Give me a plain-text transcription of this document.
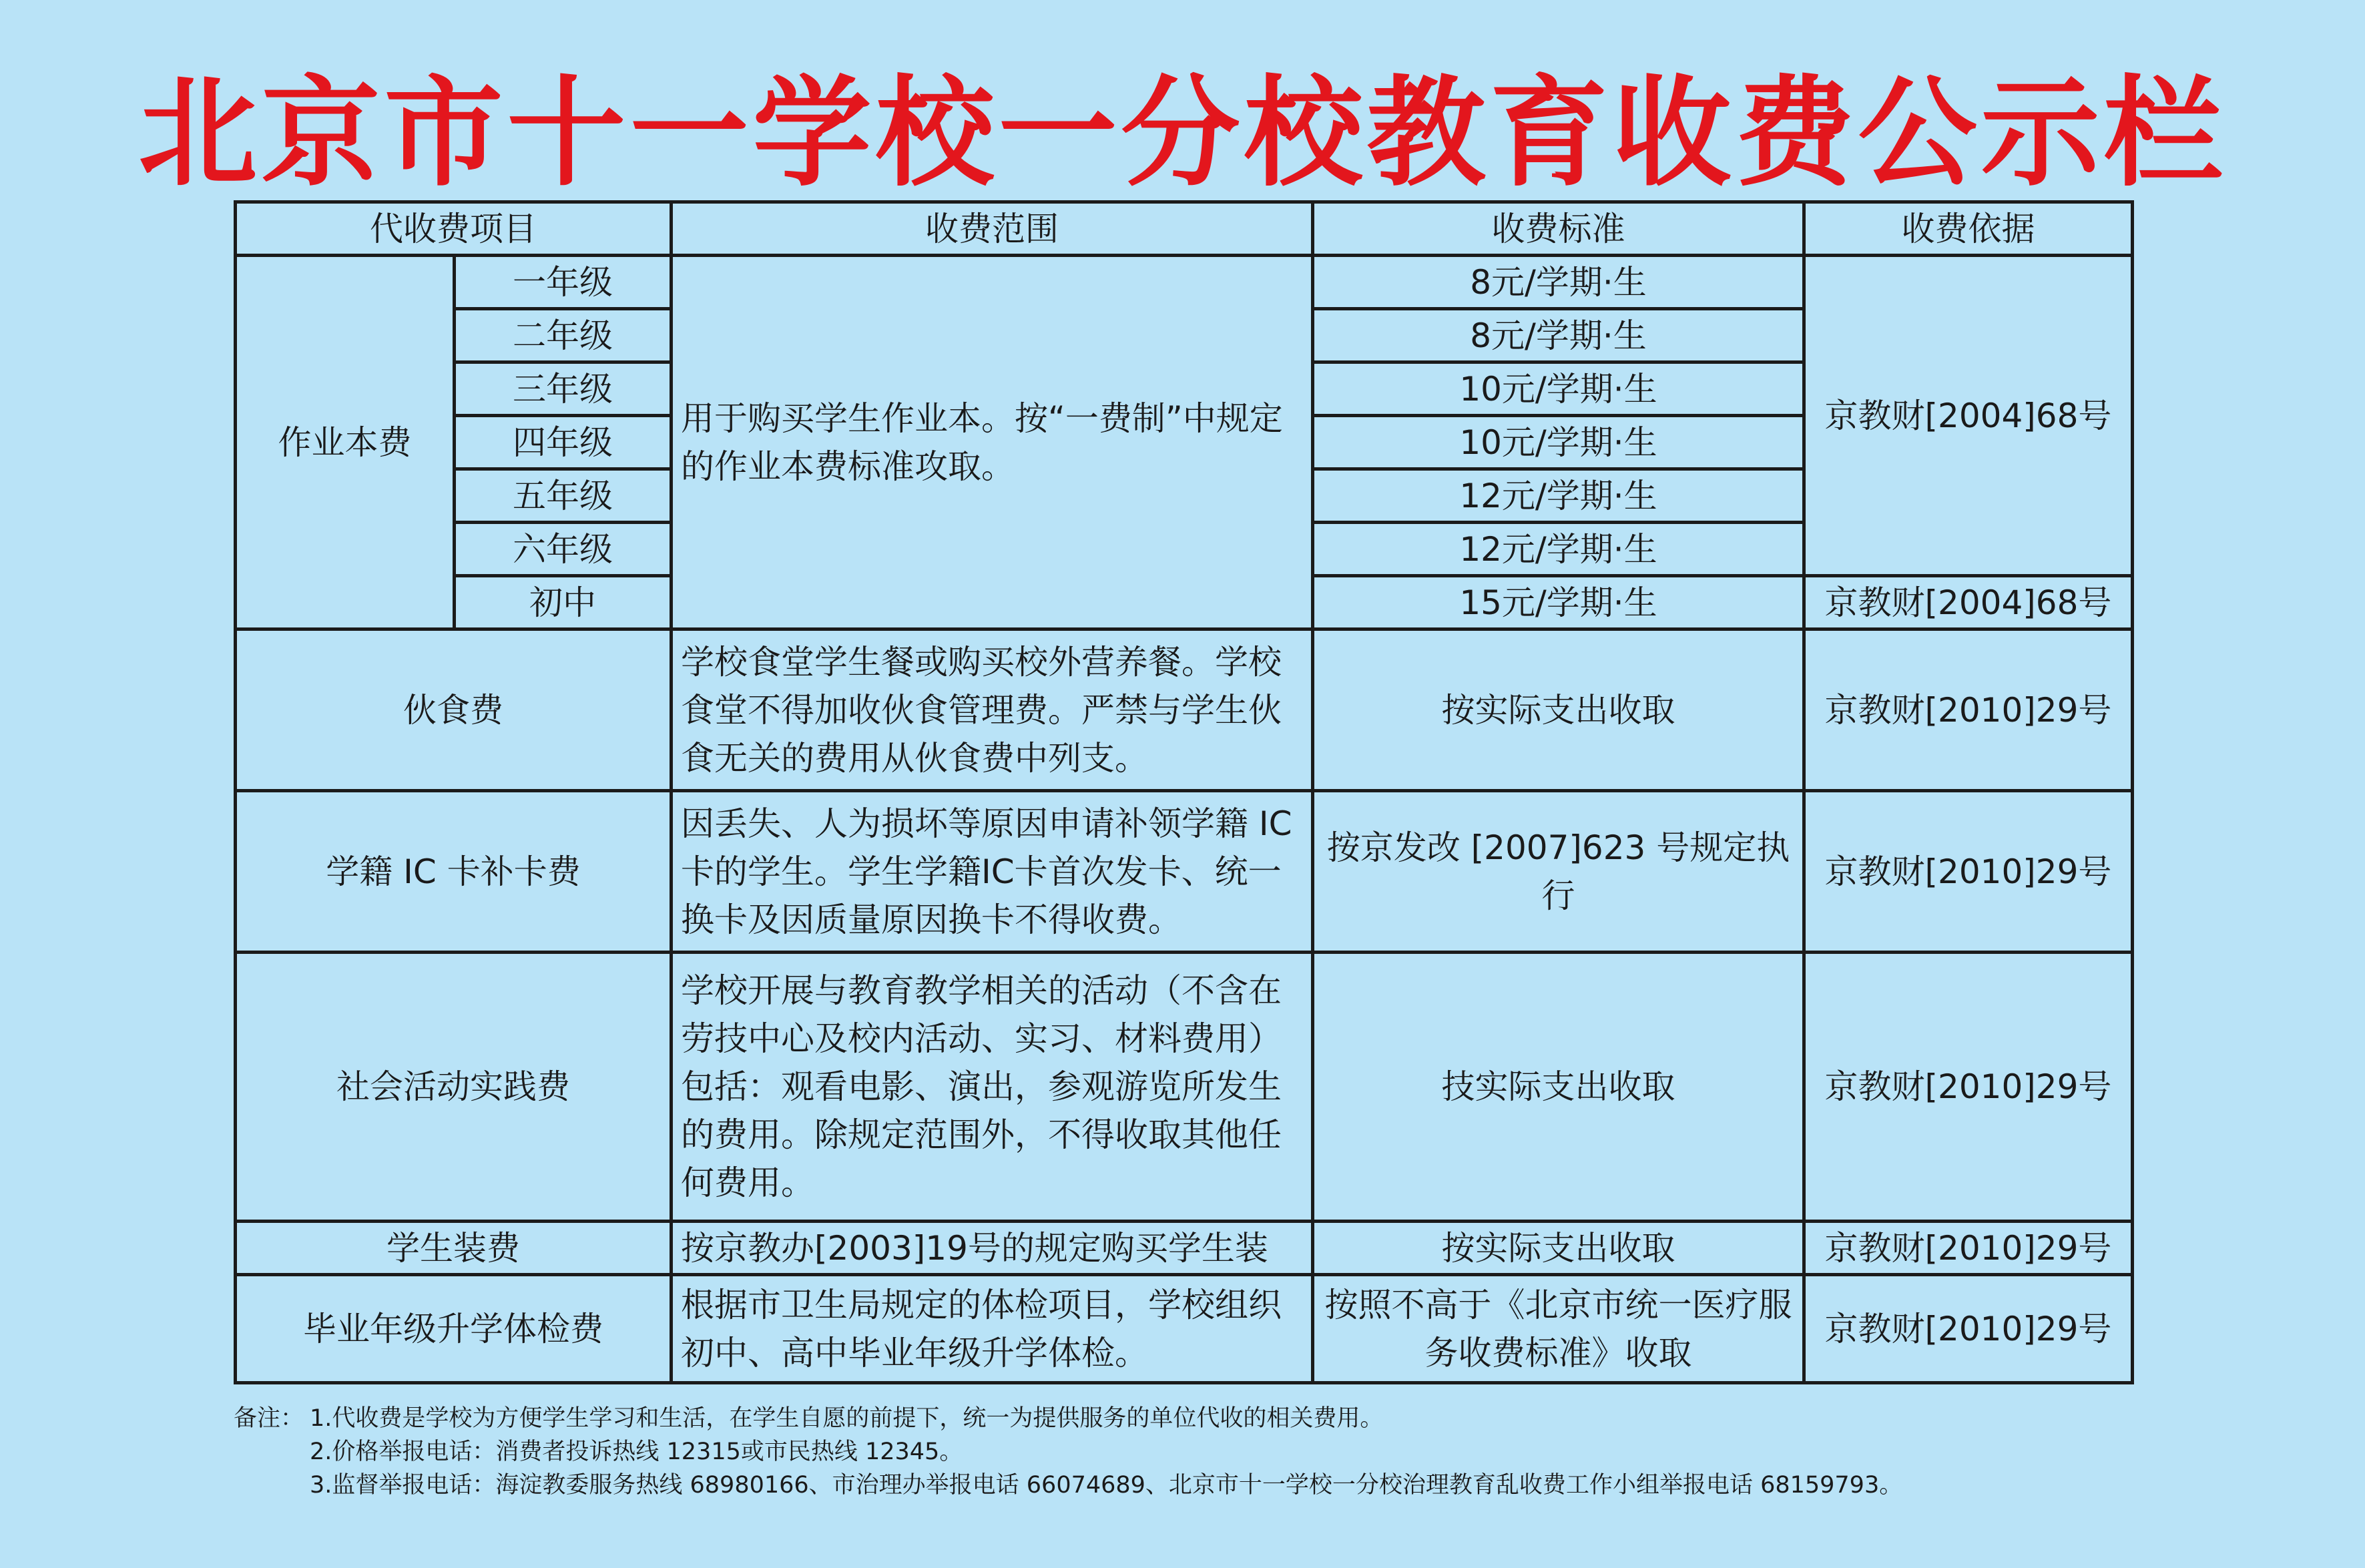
北京市十一学校一分校教育收费公示栏
代收费项目		收费范围	收费标准	收费依据
作业本费	一年级	用于购买学生作业本。按“一费制”中规定的作业本费标准攻取。	8元/学期·生	京教财[2004]68号
	二年级		8元/学期·生	
	三年级		10元/学期·生	
	四年级		10元/学期·生	
	五年级		12元/学期·生	
	六年级		12元/学期·生	
	初中		15元/学期·生	京教财[2004]68号
伙食费		学校食堂学生餐或购买校外营养餐。学校食堂不得加收伙食管理费。严禁与学生伙食无关的费用从伙食费中列支。	按实际支出收取	京教财[2010]29号
学籍 IC 卡补卡费		因丢失、人为损坏等原因申请补领学籍 IC卡的学生。学生学籍IC卡首次发卡、统一换卡及因质量原因换卡不得收费。	按京发改 [2007]623 号规定执行	京教财[2010]29号
社会活动实践费		学校开展与教育教学相关的活动（不含在劳技中心及校内活动、实习、材料费用）包括：观看电影、演出，参观游览所发生的费用。除规定范围外，不得收取其他任何费用。	技实际支出收取	京教财[2010]29号
学生装费		按京教办[2003]19号的规定购买学生装	按实际支出收取	京教财[2010]29号
毕业年级升学体检费		根据市卫生局规定的体检项目，学校组织初中、高中毕业年级升学体检。	按照不高于《北京市统一医疗服务收费标准》收取	京教财[2010]29号
备注： 1.代收费是学校为方便学生学习和生活，在学生自愿的前提下，统一为提供服务的单位代收的相关费用。
2.价格举报电话：消费者投诉热线 12315或市民热线 12345。
3.监督举报电话：海淀教委服务热线 68980166、市治理办举报电话 66074689、北京市十一学校一分校治理教育乱收费工作小组举报电话 68159793。
